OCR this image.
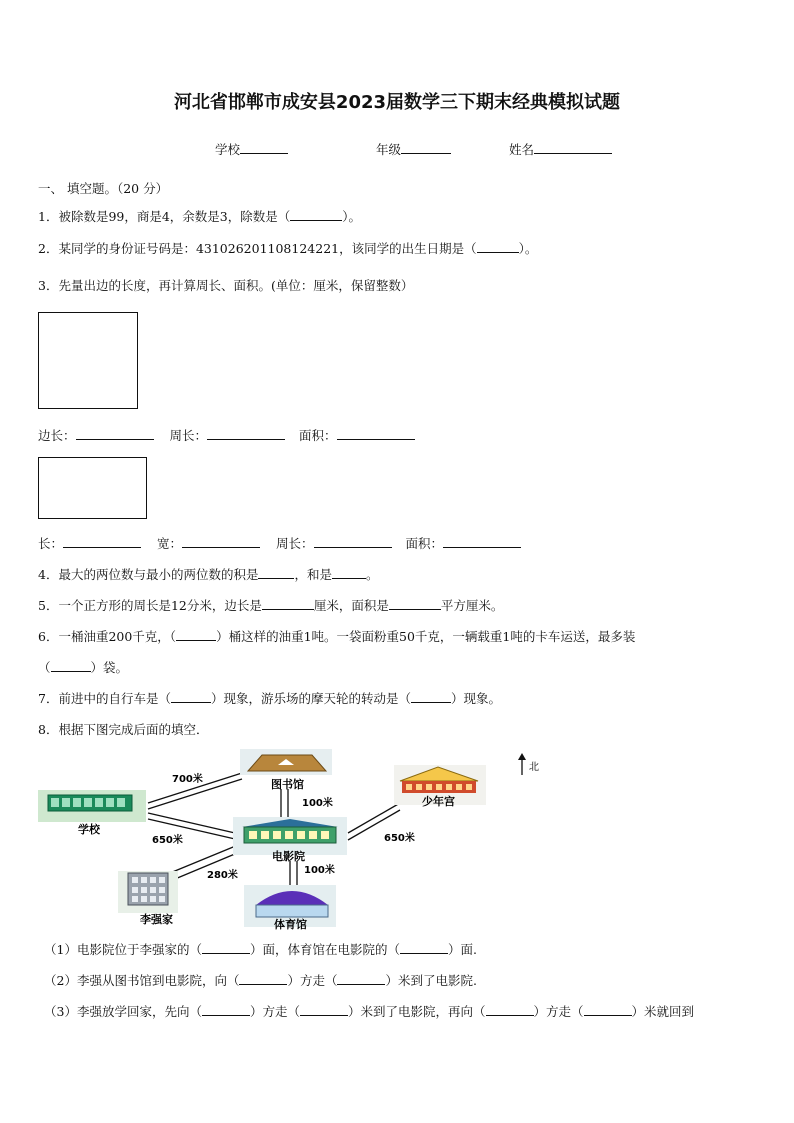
河北省邯郸市成安县2023届数学三下期末经典模拟试题
学校	年级	姓名
一、 填空题。（20 分）
1．被除数是99，商是4，余数是3，除数是（	）。
2．某同学的身份证号码是：431026201108124221，该同学的出生日期是（	）。
3．先量出边的长度，再计算周长、面积。(单位：厘米，保留整数）
边长：	周长：	面积：
长：	宽：	周长：	面积：
4．最大的两位数与最小的两位数的积是	，和是	。
5．一个正方形的周长是12分米，边长是	厘米，面积是	平方厘米。
6．一桶油重200千克，（	）桶这样的油重1吨。一袋面粉重50千克，一辆载重1吨的卡车运送，最多装
（	）袋。
7．前进中的自行车是（	）现象，游乐场的摩天轮的转动是（	）现象。
8．根据下图完成后面的填空．
学校
图书馆
少年宫
电影院
李强家	体育馆
700米
100米
650米	650米
280米	100米
北
（1）电影院位于李强家的（	）面，体育馆在电影院的（	）面.
（2）李强从图书馆到电影院，向（	）方走（	）米到了电影院.
（3）李强放学回家，先向（	）方走（	）米到了电影院，再向（	）方走（	）米就回到
